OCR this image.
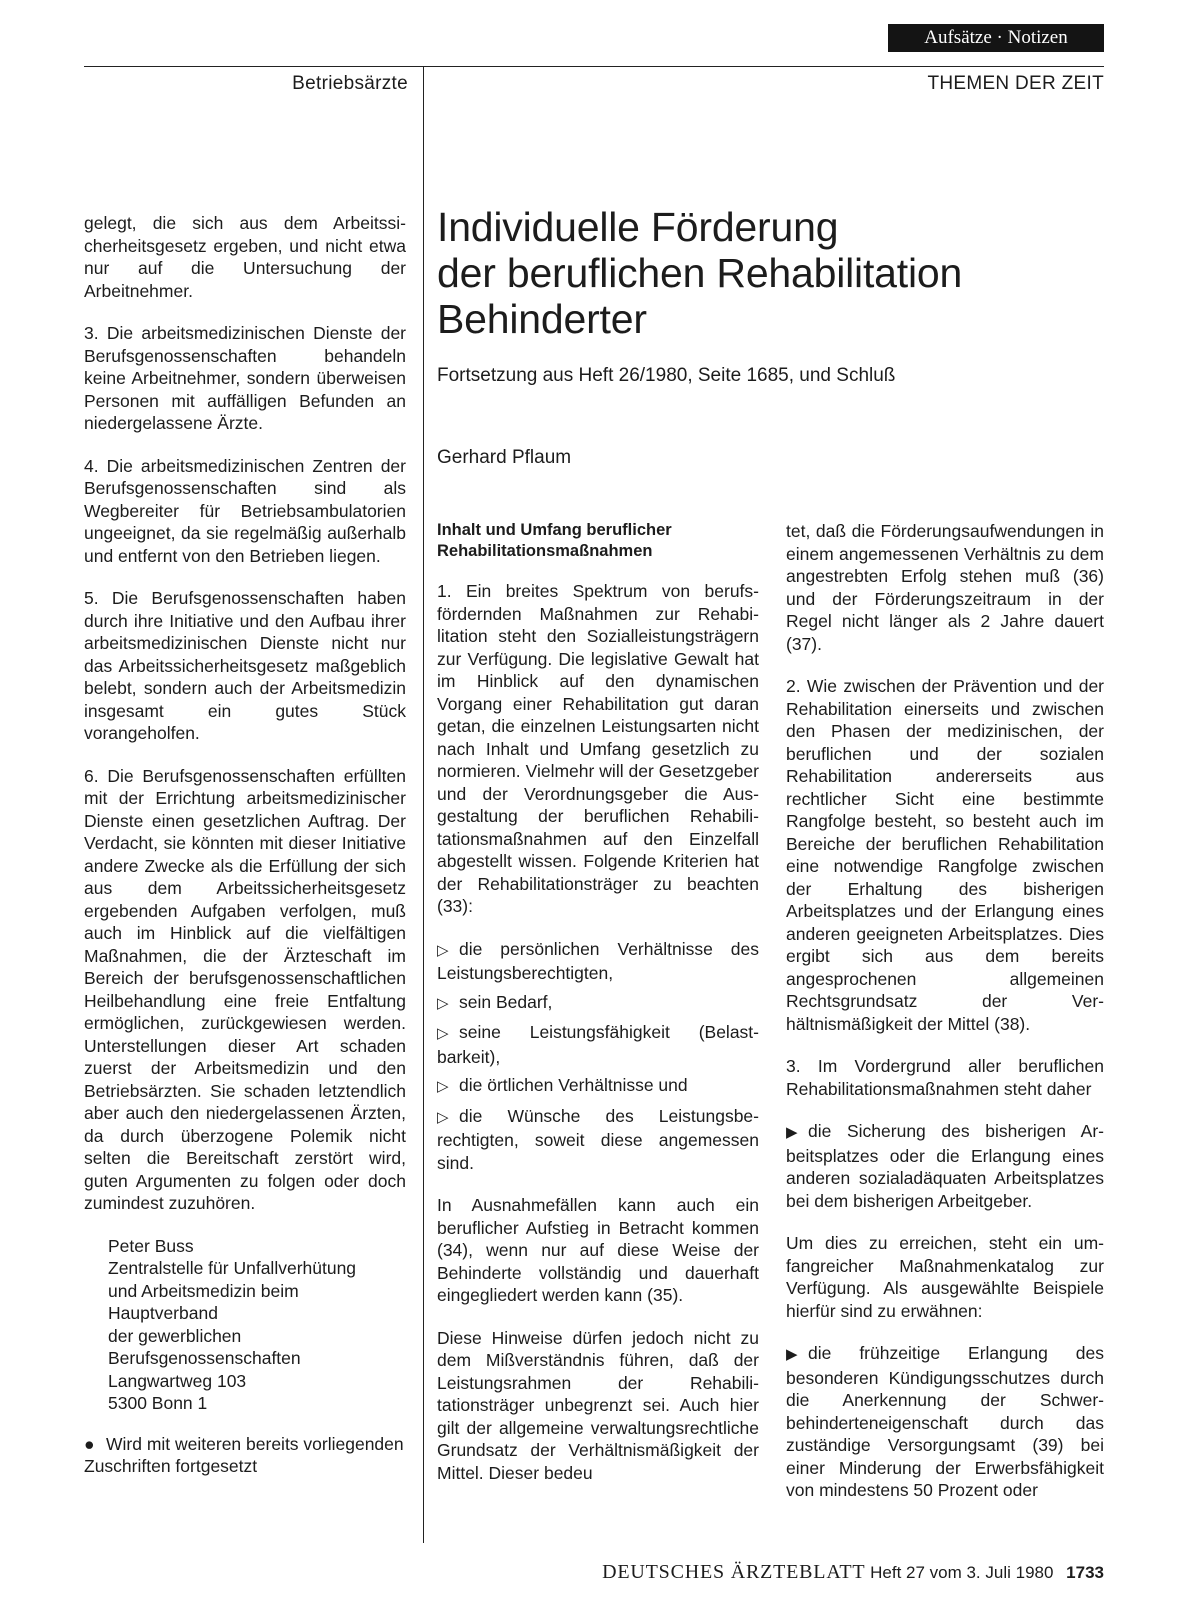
Aufsätze · Notizen
Betriebsärzte	THEMEN DER ZEIT

gelegt, die sich aus dem Arbeitssicherheitsgesetz ergeben, und nicht etwa nur auf die Untersuchung der Arbeitnehmer.

3. Die arbeitsmedizinischen Dienste der Berufsgenossenschaften behandeln keine Arbeitnehmer, sondern überweisen Personen mit auffälligen Befunden an niedergelassene Ärzte.

4. Die arbeitsmedizinischen Zentren der Berufsgenossenschaften sind als Wegbereiter für Betriebsambulatorien ungeeignet, da sie regelmäßig außerhalb und entfernt von den Betrieben liegen.

5. Die Berufsgenossenschaften haben durch ihre Initiative und den Aufbau ihrer arbeitsmedizinischen Dienste nicht nur das Arbeitssicherheitsgesetz maßgeblich belebt, sondern auch der Arbeitsmedizin insgesamt ein gutes Stück vorangeholfen.

6. Die Berufsgenossenschaften erfüllten mit der Errichtung arbeitsmedizinischer Dienste einen gesetzlichen Auftrag. Der Verdacht, sie könnten mit dieser Initiative andere Zwecke als die Erfüllung der sich aus dem Arbeitssicherheitsgesetz ergebenden Aufgaben verfolgen, muß auch im Hinblick auf die vielfältigen Maßnahmen, die der Ärzteschaft im Bereich der berufsgenossenschaftlichen Heilbehandlung eine freie Entfaltung ermöglichen, zurückgewiesen werden. Unterstellungen dieser Art schaden zuerst der Arbeitsmedizin und den Betriebsärzten. Sie schaden letztendlich aber auch den niedergelassenen Ärzten, da durch überzogene Polemik nicht selten die Bereitschaft zerstört wird, guten Argumenten zu folgen oder doch zumindest zuzuhören.

Peter Buss
Zentralstelle für Unfallverhütung
und Arbeitsmedizin beim
Hauptverband
der gewerblichen
Berufsgenossenschaften
Langwartweg 103
5300 Bonn 1

● Wird mit weiteren bereits vorliegenden Zuschriften fortgesetzt

Individuelle Förderung
der beruflichen Rehabilitation
Behinderter
Fortsetzung aus Heft 26/1980, Seite 1685, und Schluß
Gerhard Pflaum
Inhalt und Umfang beruflicher Rehabilitationsmaßnahmen

1. Ein breites Spektrum von berufsfördernden Maßnahmen zur Rehabilitation steht den Sozialleistungsträgern zur Verfügung. Die legislative Gewalt hat im Hinblick auf den dynamischen Vorgang einer Rehabilitation gut daran getan, die einzelnen Leistungsarten nicht nach Inhalt und Umfang gesetzlich zu normieren. Vielmehr will der Gesetzgeber und der Verordnungsgeber die Ausgestaltung der beruflichen Rehabilitationsmaßnahmen auf den Einzelfall abgestellt wissen. Folgende Kriterien hat der Rehabilitationsträger zu beachten (33):

▷ die persönlichen Verhältnisse des Leistungsberechtigten,

▷ sein Bedarf,

▷ seine Leistungsfähigkeit (Belastbarkeit),

▷ die örtlichen Verhältnisse und

▷ die Wünsche des Leistungsberechtigten, soweit diese angemessen sind.

In Ausnahmefällen kann auch ein beruflicher Aufstieg in Betracht kommen (34), wenn nur auf diese Weise der Behinderte vollständig und dauerhaft eingegliedert werden kann (35).

Diese Hinweise dürfen jedoch nicht zu dem Mißverständnis führen, daß der Leistungsrahmen der Rehabilitationsträger unbegrenzt sei. Auch hier gilt der allgemeine verwaltungsrechtliche Grundsatz der Verhältnismäßigkeit der Mittel. Dieser bedeu

tet, daß die Förderungsaufwendungen in einem angemessenen Verhältnis zu dem angestrebten Erfolg stehen muß (36) und der Förderungszeitraum in der Regel nicht länger als 2 Jahre dauert (37).

2. Wie zwischen der Prävention und der Rehabilitation einerseits und zwischen den Phasen der medizinischen, der beruflichen und der sozialen Rehabilitation andererseits aus rechtlicher Sicht eine bestimmte Rangfolge besteht, so besteht auch im Bereiche der beruflichen Rehabilitation eine notwendige Rangfolge zwischen der Erhaltung des bisherigen Arbeitsplatzes und der Erlangung eines anderen geeigneten Arbeitsplatzes. Dies ergibt sich aus dem bereits angesprochenen allgemeinen Rechtsgrundsatz der Verhältnismäßigkeit der Mittel (38).

3. Im Vordergrund aller beruflichen Rehabilitationsmaßnahmen steht daher

▶ die Sicherung des bisherigen Arbeitsplatzes oder die Erlangung eines anderen sozialadäquaten Arbeitsplatzes bei dem bisherigen Arbeitgeber.

Um dies zu erreichen, steht ein umfangreicher Maßnahmenkatalog zur Verfügung. Als ausgewählte Beispiele hierfür sind zu erwähnen:

▶ die frühzeitige Erlangung des besonderen Kündigungsschutzes durch die Anerkennung der Schwerbehinderteneigenschaft durch das zuständige Versorgungsamt (39) bei einer Minderung der Erwerbsfähigkeit von mindestens 50 Prozent oder

DEUTSCHES ÄRZTEBLATT Heft 27 vom 3. Juli 1980 1733
